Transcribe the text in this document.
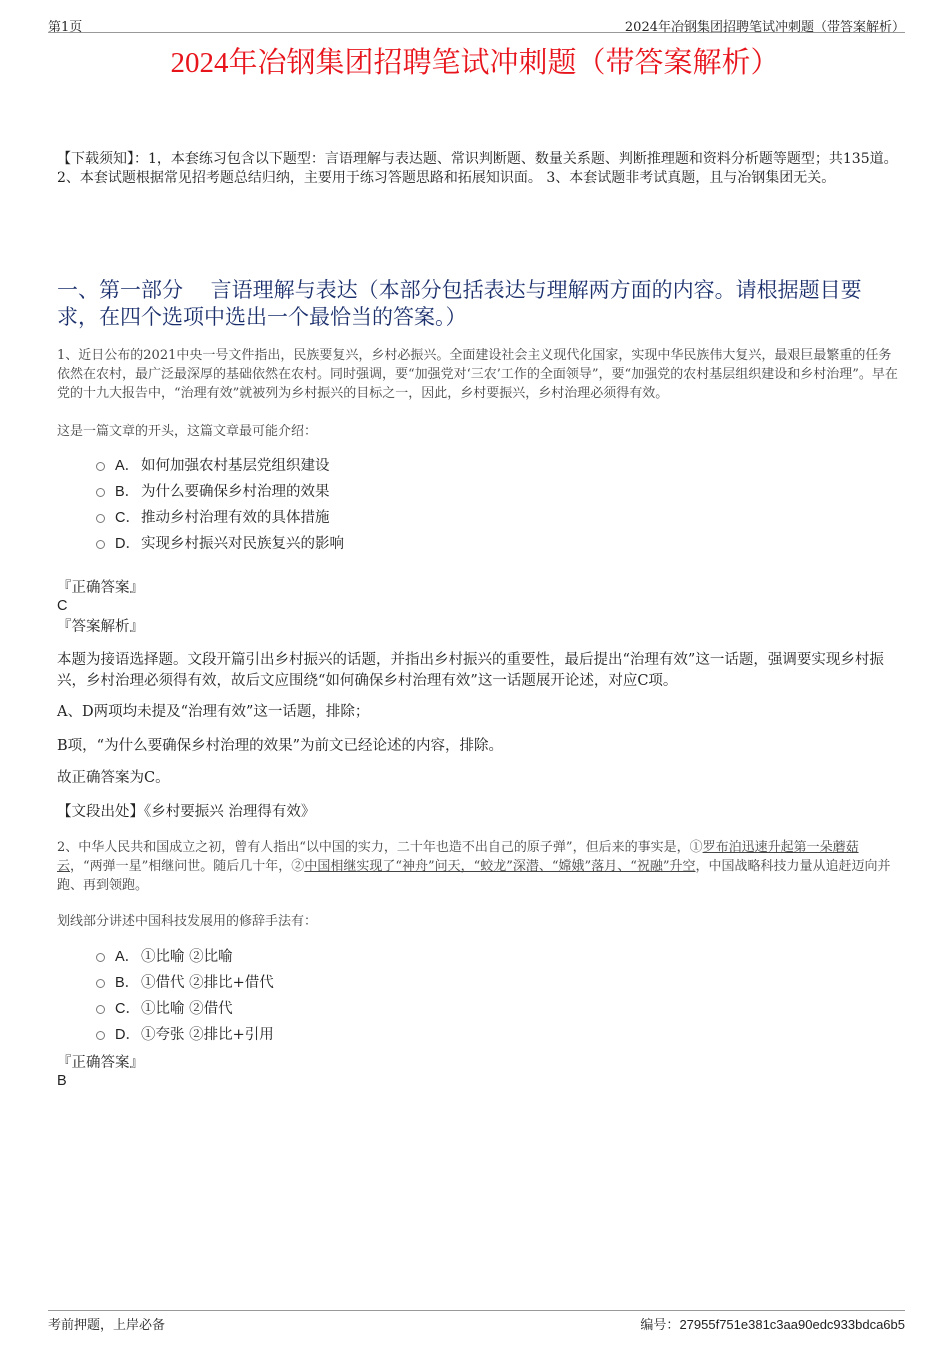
第1页	2024年冶钢集团招聘笔试冲刺题（带答案解析）
2024年冶钢集团招聘笔试冲刺题（带答案解析）
【下载须知】：1，本套练习包含以下题型：言语理解与表达题、常识判断题、数量关系题、判断推理题和资料分析题等题型；共135道。 2、本套试题根据常见招考题总结归纳，主要用于练习答题思路和拓展知识面。 3、本套试题非考试真题，且与冶钢集团无关。
一、第一部分　 言语理解与表达（本部分包括表达与理解两方面的内容。请根据题目要求，在四个选项中选出一个最恰当的答案。）
1、近日公布的2021中央一号文件指出，民族要复兴，乡村必振兴。全面建设社会主义现代化国家，实现中华民族伟大复兴，最艰巨最繁重的任务依然在农村，最广泛最深厚的基础依然在农村。同时强调，要“加强党对‘三农’工作的全面领导”，要“加强党的农村基层组织建设和乡村治理”。早在党的十九大报告中，“治理有效”就被列为乡村振兴的目标之一，因此，乡村要振兴，乡村治理必须得有效。
这是一篇文章的开头，这篇文章最可能介绍：
A． 如何加强农村基层党组织建设
B． 为什么要确保乡村治理的效果
C． 推动乡村治理有效的具体措施
D． 实现乡村振兴对民族复兴的影响
『正确答案』
C
『答案解析』
本题为接语选择题。文段开篇引出乡村振兴的话题，并指出乡村振兴的重要性，最后提出“治理有效”这一话题，强调要实现乡村振兴，乡村治理必须得有效，故后文应围绕“如何确保乡村治理有效”这一话题展开论述，对应C项。
A、D两项均未提及“治理有效”这一话题，排除；
B项，“为什么要确保乡村治理的效果”为前文已经论述的内容，排除。
故正确答案为C。
【文段出处】《乡村要振兴 治理得有效》
2、中华人民共和国成立之初，曾有人指出“以中国的实力，二十年也造不出自己的原子弹”，但后来的事实是，①罗布泊迅速升起第一朵蘑菇云，“两弹一星”相继问世。随后几十年，②中国相继实现了“神舟”问天，“蛟龙”深潜、“嫦娥”落月、“祝融”升空，中国战略科技力量从追赶迈向并跑、再到领跑。
划线部分讲述中国科技发展用的修辞手法有：
A． ①比喻 ②比喻
B． ①借代 ②排比+借代
C． ①比喻 ②借代
D． ①夸张 ②排比+引用
『正确答案』
B
考前押题，上岸必备	编号：27955f751e381c3aa90edc933bdca6b5
